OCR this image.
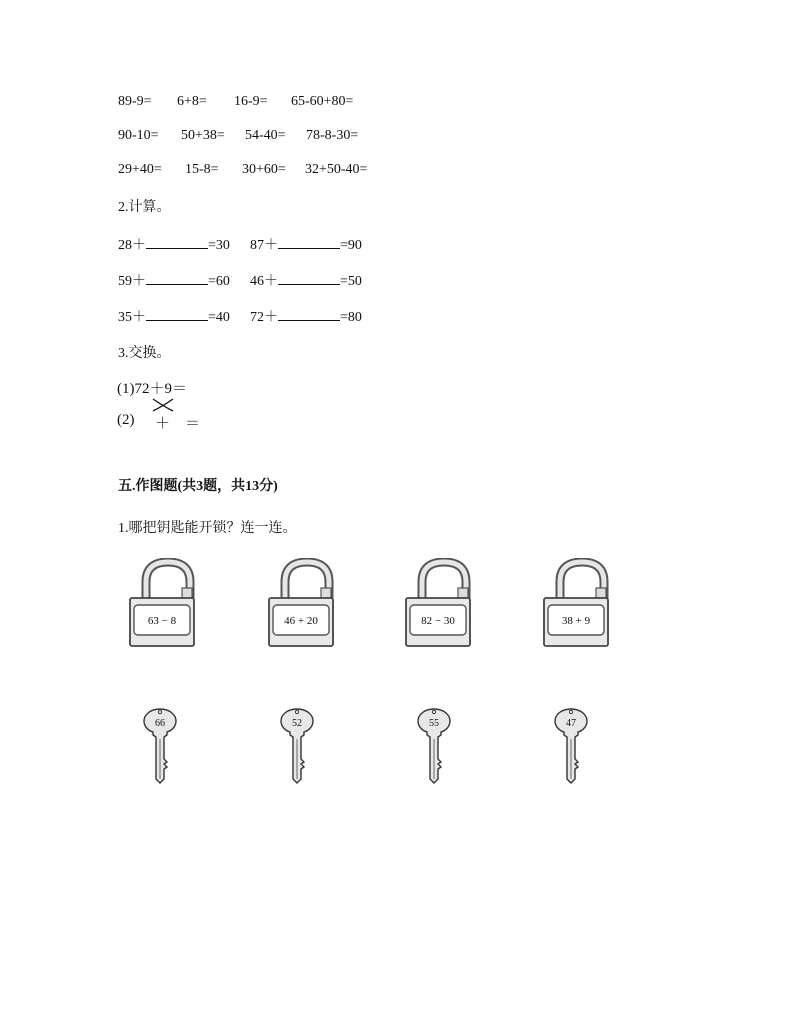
89-9= 6+8= 16-9= 65-60+80=
90-10= 50+38= 54-40= 78-8-30=
29+40= 15-8= 30+60= 32+50-40=
2.计算。
28＋	=30 87＋	=90
59＋	=60 46＋	=50
35＋	=40 72＋	=80
3.交换。
(1)72＋9＝
(2) ＋ ＝
五.作图题(共3题，共13分)
1.哪把钥匙能开锁？连一连。
63 − 8	46 + 20	82 − 30	38 + 9
66	52	55	47
